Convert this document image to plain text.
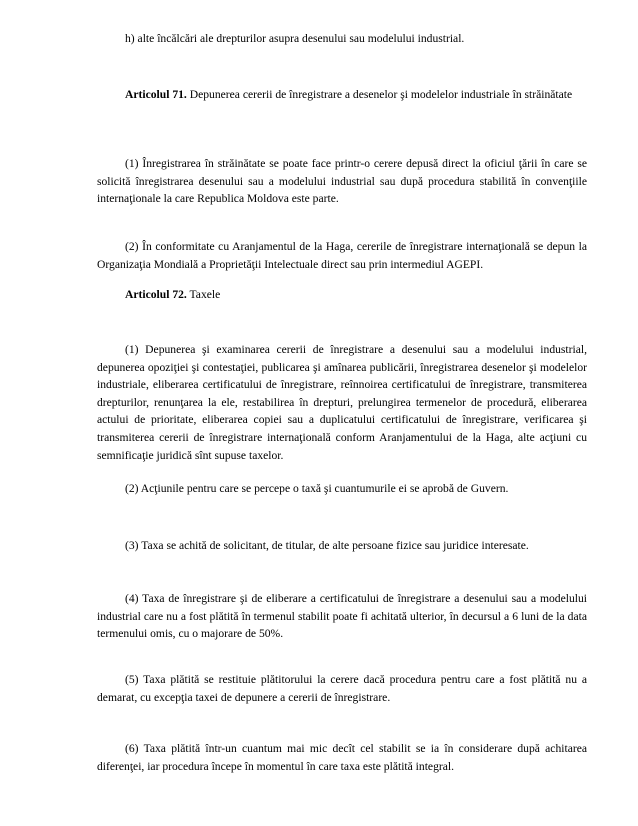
h) alte încălcări ale drepturilor asupra desenului sau modelului industrial.

Articolul 71. Depunerea cererii de înregistrare a desenelor şi modelelor industriale în străinătate

(1) Înregistrarea în străinătate se poate face printr-o cerere depusă direct la oficiul ţării în care se solicită înregistrarea desenului sau a modelului industrial sau după procedura stabilită în convenţiile internaţionale la care Republica Moldova este parte.

(2) În conformitate cu Aranjamentul de la Haga, cererile de înregistrare internaţională se depun la Organizaţia Mondială a Proprietăţii Intelectuale direct sau prin intermediul AGEPI.

Articolul 72. Taxele

(1) Depunerea şi examinarea cererii de înregistrare a desenului sau a modelului industrial, depunerea opoziţiei şi contestaţiei, publicarea şi amînarea publicării, înregistrarea desenelor şi modelelor industriale, eliberarea certificatului de înregistrare, reînnoirea certificatului de înregistrare, transmiterea drepturilor, renunţarea la ele, restabilirea în drepturi, prelungirea termenelor de procedură, eliberarea actului de prioritate, eliberarea copiei sau a duplicatului certificatului de înregistrare, verificarea şi transmiterea cererii de înregistrare internaţională conform Aranjamentului de la Haga, alte acţiuni cu semnificaţie juridică sînt supuse taxelor.

(2) Acţiunile pentru care se percepe o taxă şi cuantumurile ei se aprobă de Guvern.

(3) Taxa se achită de solicitant, de titular, de alte persoane fizice sau juridice interesate.

(4) Taxa de înregistrare şi de eliberare a certificatului de înregistrare a desenului sau a modelului industrial care nu a fost plătită în termenul stabilit poate fi achitată ulterior, în decursul a 6 luni de la data termenului omis, cu o majorare de 50%.

(5) Taxa plătită se restituie plătitorului la cerere dacă procedura pentru care a fost plătită nu a demarat, cu excepţia taxei de depunere a cererii de înregistrare.

(6) Taxa plătită într-un cuantum mai mic decît cel stabilit se ia în considerare după achitarea diferenţei, iar procedura începe în momentul în care taxa este plătită integral.
